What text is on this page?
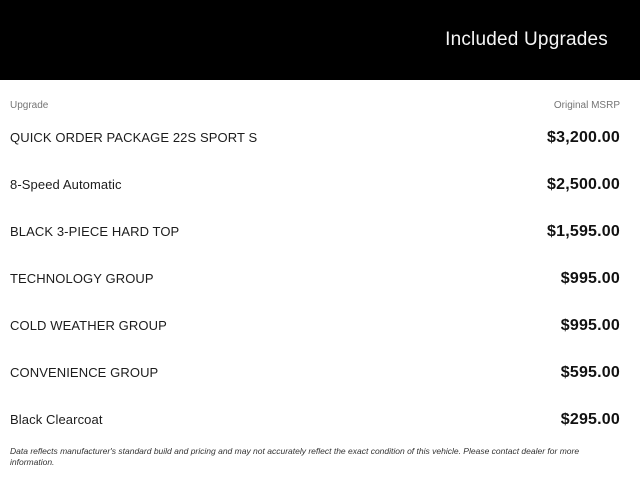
Included Upgrades
Upgrade	Original MSRP
QUICK ORDER PACKAGE 22S SPORT S	$3,200.00
8-Speed Automatic	$2,500.00
BLACK 3-PIECE HARD TOP	$1,595.00
TECHNOLOGY GROUP	$995.00
COLD WEATHER GROUP	$995.00
CONVENIENCE GROUP	$595.00
Black Clearcoat	$295.00
Data reflects manufacturer's standard build and pricing and may not accurately reflect the exact condition of this vehicle. Please contact dealer for more information.
